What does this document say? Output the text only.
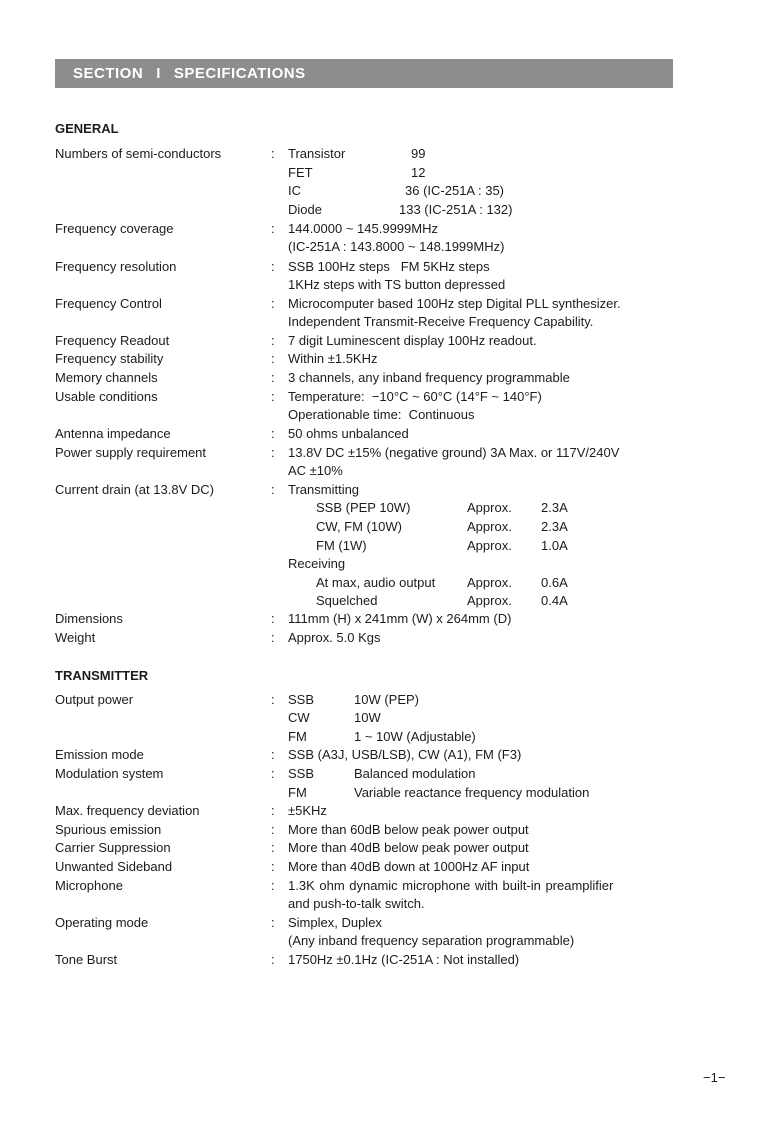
SECTION I SPECIFICATIONS
GENERAL
Numbers of semi-conductors	: Transistor	99
FET	12
IC	36 (IC-251A : 35)
Diode	133 (IC-251A : 132)
Frequency coverage	: 144.0000 ~ 145.9999MHz
(IC-251A : 143.8000 ~ 148.1999MHz)
Frequency resolution	: SSB 100Hz steps   FM 5KHz steps
1KHz steps with TS button depressed
Frequency Control	: Microcomputer based 100Hz step Digital PLL synthesizer.
Independent Transmit-Receive Frequency Capability.
Frequency Readout	: 7 digit Luminescent display 100Hz readout.
Frequency stability	: Within ±1.5KHz
Memory channels	: 3 channels, any inband frequency programmable
Usable conditions	: Temperature:  −10°C ~ 60°C (14°F ~ 140°F)
Operationable time:  Continuous
Antenna impedance	: 50 ohms unbalanced
Power supply requirement	: 13.8V DC ±15% (negative ground) 3A Max. or 117V/240V
AC ±10%
Current drain (at 13.8V DC)	: Transmitting
SSB (PEP 10W)	Approx. 2.3A
CW, FM (10W)	Approx. 2.3A
FM (1W)	Approx. 1.0A
Receiving
At max, audio output Approx. 0.6A
Squelched	Approx. 0.4A
Dimensions	: 111mm (H) x 241mm (W) x 264mm (D)
Weight	: Approx. 5.0 Kgs
TRANSMITTER
Output power	: SSB	10W (PEP)
CW	10W
FM	1 ~ 10W (Adjustable)
Emission mode	: SSB (A3J, USB/LSB), CW (A1), FM (F3)
Modulation system	: SSB	Balanced modulation
FM	Variable reactance frequency modulation
Max. frequency deviation	: ±5KHz
Spurious emission	: More than 60dB below peak power output
Carrier Suppression	: More than 40dB below peak power output
Unwanted Sideband	: More than 40dB down at 1000Hz AF input
Microphone	: 1.3K ohm dynamic microphone with built-in preamplifier
and push-to-talk switch.
Operating mode	: Simplex, Duplex
(Any inband frequency separation programmable)
Tone Burst	: 1750Hz ±0.1Hz (IC-251A : Not installed)
−1−
